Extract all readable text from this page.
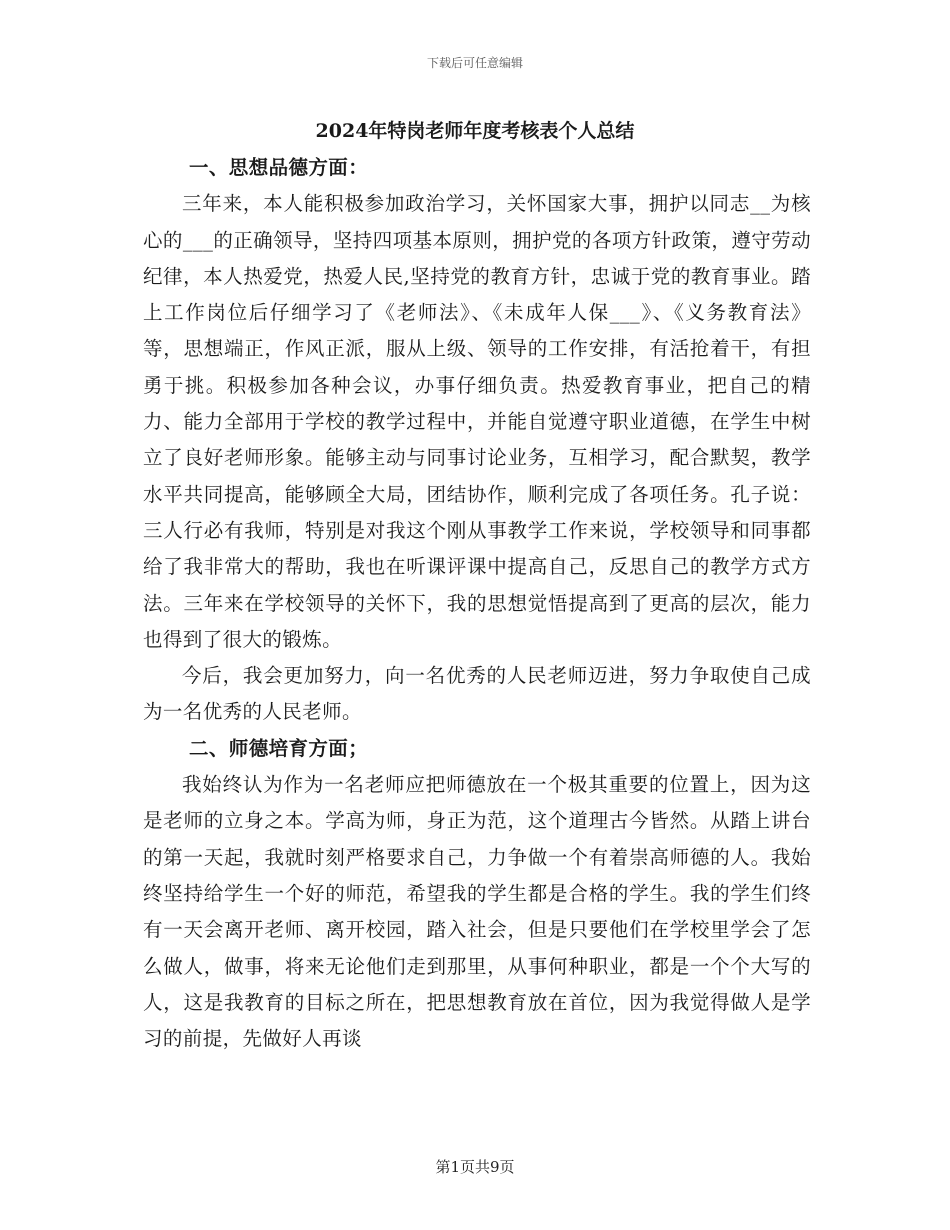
下载后可任意编辑
2024年特岗老师年度考核表个人总结

一、思想品德方面：

三年来，本人能积极参加政治学习，关怀国家大事，拥护以同志__为核心的___的正确领导，坚持四项基本原则，拥护党的各项方针政策，遵守劳动纪律，本人热爱党，热爱人民,坚持党的教育方针，忠诚于党的教育事业。踏上工作岗位后仔细学习了《老师法》、《未成年人保___》、《义务教育法》等，思想端正，作风正派，服从上级、领导的工作安排，有活抢着干，有担勇于挑。积极参加各种会议，办事仔细负责。热爱教育事业，把自己的精力、能力全部用于学校的教学过程中，并能自觉遵守职业道德，在学生中树立了良好老师形象。能够主动与同事讨论业务，互相学习，配合默契，教学水平共同提高，能够顾全大局，团结协作，顺利完成了各项任务。孔子说：三人行必有我师，特别是对我这个刚从事教学工作来说，学校领导和同事都给了我非常大的帮助，我也在听课评课中提高自己，反思自己的教学方式方法。三年来在学校领导的关怀下，我的思想觉悟提高到了更高的层次，能力也得到了很大的锻炼。

今后，我会更加努力，向一名优秀的人民老师迈进，努力争取使自己成为一名优秀的人民老师。

二、师德培育方面；

我始终认为作为一名老师应把师德放在一个极其重要的位置上，因为这是老师的立身之本。学高为师，身正为范，这个道理古今皆然。从踏上讲台的第一天起，我就时刻严格要求自己，力争做一个有着崇高师德的人。我始终坚持给学生一个好的师范，希望我的学生都是合格的学生。我的学生们终有一天会离开老师、离开校园，踏入社会，但是只要他们在学校里学会了怎么做人，做事，将来无论他们走到那里，从事何种职业，都是一个个大写的人，这是我教育的目标之所在，把思想教育放在首位，因为我觉得做人是学习的前提，先做好人再谈

第1页共9页
